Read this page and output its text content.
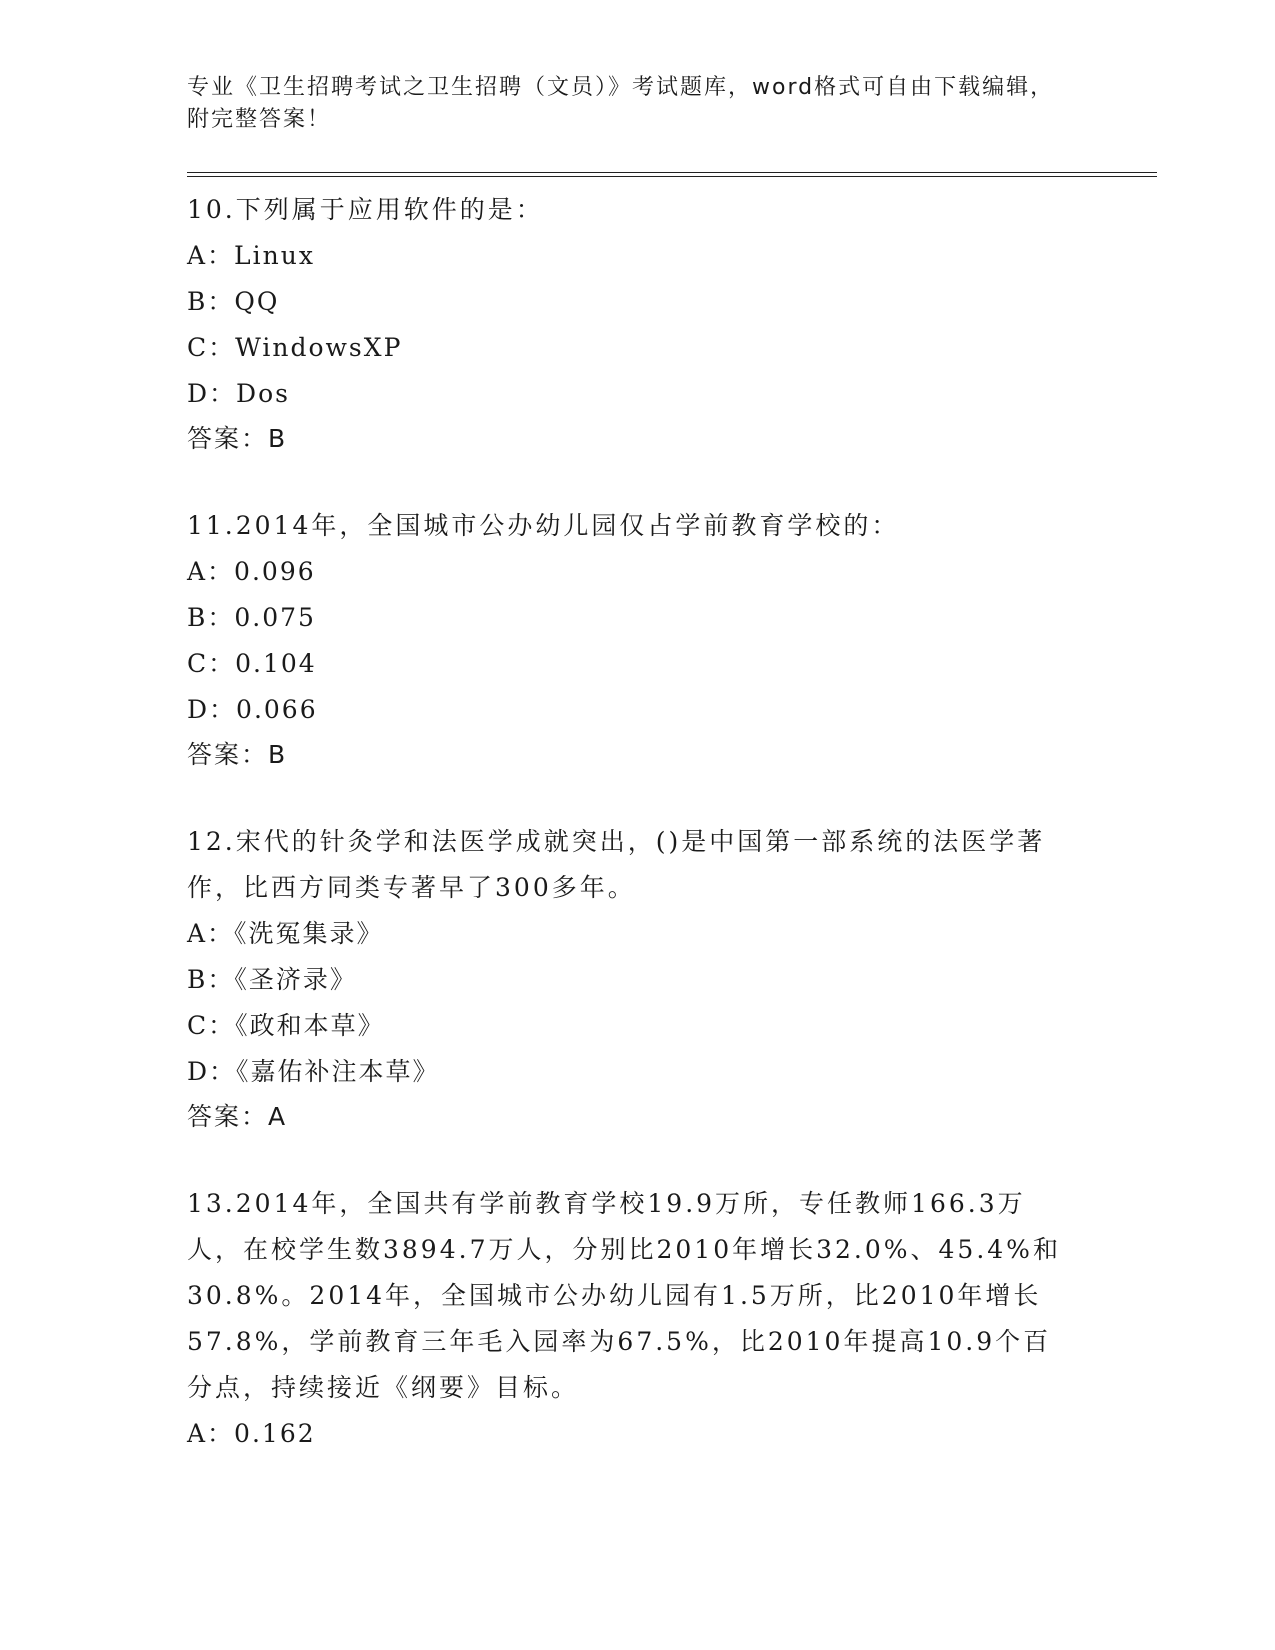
专业《卫生招聘考试之卫生招聘（文员）》考试题库，word格式可自由下载编辑，附完整答案！

10.下列属于应用软件的是：

A：Linux

B：QQ

C：WindowsXP

D：Dos

答案：B

11.2014年，全国城市公办幼儿园仅占学前教育学校的：

A：0.096

B：0.075

C：0.104

D：0.066

答案：B

12.宋代的针灸学和法医学成就突出，()是中国第一部系统的法医学著作，比西方同类专著早了300多年。

A：《洗冤集录》

B：《圣济录》

C：《政和本草》

D：《嘉佑补注本草》

答案：A

13.2014年，全国共有学前教育学校19.9万所，专任教师166.3万人，在校学生数3894.7万人，分别比2010年增长32.0%、45.4%和30.8%。2014年，全国城市公办幼儿园有1.5万所，比2010年增长57.8%，学前教育三年毛入园率为67.5%，比2010年提高10.9个百分点，持续接近《纲要》目标。

A：0.162
